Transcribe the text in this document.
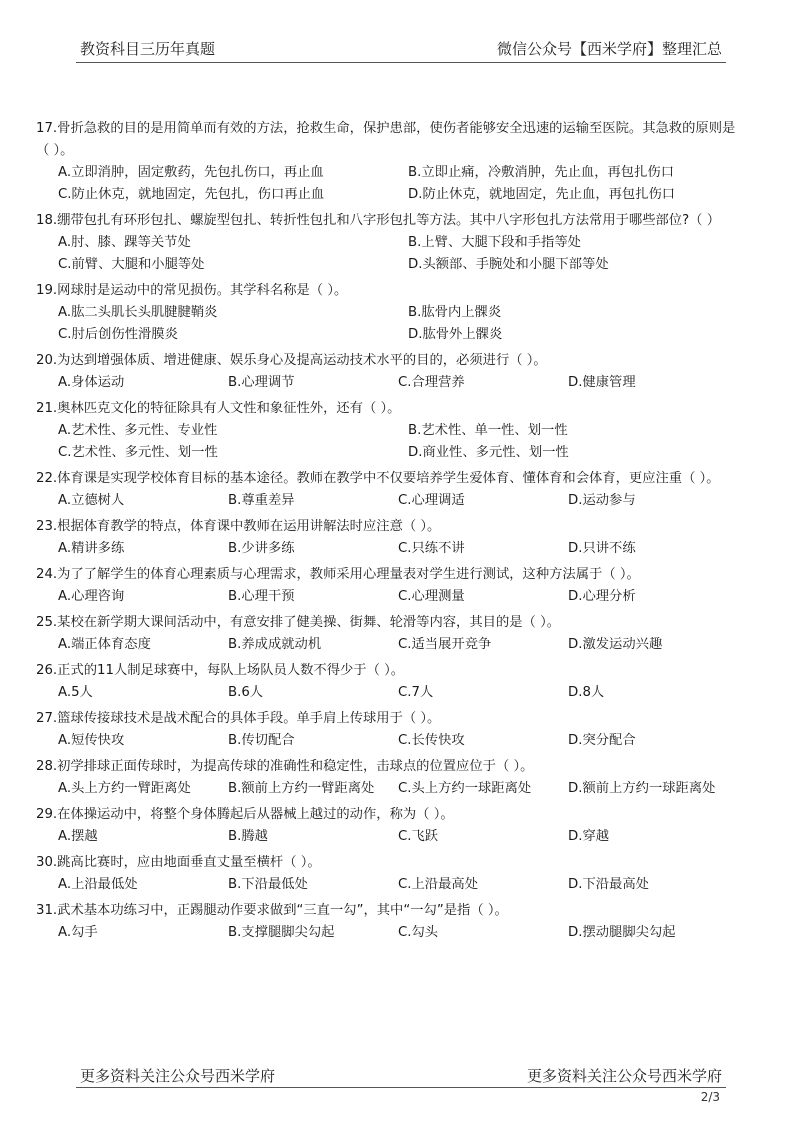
教资科目三历年真题	微信公众号【西米学府】整理汇总
17.骨折急救的目的是用简单而有效的方法，抢救生命，保护患部，使伤者能够安全迅速的运输至医院。其急救的原则是（ ）。
A.立即消肿，固定敷药，先包扎伤口，再止血	B.立即止痛，冷敷消肿，先止血，再包扎伤口
C.防止休克，就地固定，先包扎，伤口再止血	D.防止休克，就地固定，先止血，再包扎伤口
18.绷带包扎有环形包扎、螺旋型包扎、转折性包扎和八字形包扎等方法。其中八字形包扎方法常用于哪些部位?（ ）
A.肘、膝、踝等关节处	B.上臂、大腿下段和手指等处
C.前臂、大腿和小腿等处	D.头额部、手腕处和小腿下部等处
19.网球肘是运动中的常见损伤。其学科名称是（ ）。
A.肱二头肌长头肌腱腱鞘炎	B.肱骨内上髁炎
C.肘后创伤性滑膜炎	D.肱骨外上髁炎
20.为达到增强体质、增进健康、娱乐身心及提高运动技术水平的目的，必须进行（ ）。
A.身体运动	B.心理调节	C.合理营养	D.健康管理
21.奥林匹克文化的特征除具有人文性和象征性外，还有（ ）。
A.艺术性、多元性、专业性	B.艺术性、单一性、划一性
C.艺术性、多元性、划一性	D.商业性、多元性、划一性
22.体育课是实现学校体育目标的基本途径。教师在教学中不仅要培养学生爱体育、懂体育和会体育，更应注重（ ）。
A.立德树人	B.尊重差异	C.心理调适	D.运动参与
23.根据体育教学的特点，体育课中教师在运用讲解法时应注意（ ）。
A.精讲多练	B.少讲多练	C.只练不讲	D.只讲不练
24.为了了解学生的体育心理素质与心理需求，教师采用心理量表对学生进行测试，这种方法属于（ ）。
A.心理咨询	B.心理干预	C.心理测量	D.心理分析
25.某校在新学期大课间活动中，有意安排了健美操、街舞、轮滑等内容，其目的是（ ）。
A.端正体育态度	B.养成成就动机	C.适当展开竞争	D.激发运动兴趣
26.正式的11人制足球赛中，每队上场队员人数不得少于（ ）。
A.5人	B.6人	C.7人	D.8人
27.篮球传接球技术是战术配合的具体手段。单手肩上传球用于（ ）。
A.短传快攻	B.传切配合	C.长传快攻	D.突分配合
28.初学排球正面传球时，为提高传球的准确性和稳定性，击球点的位置应位于（ ）。
A.头上方约一臂距离处	B.额前上方约一臂距离处	C.头上方约一球距离处	D.额前上方约一球距离处
29.在体操运动中，将整个身体腾起后从器械上越过的动作，称为（ ）。
A.摆越	B.腾越	C.飞跃	D.穿越
30.跳高比赛时，应由地面垂直丈量至横杆（ ）。
A.上沿最低处	B.下沿最低处	C.上沿最高处	D.下沿最高处
31.武术基本功练习中，正踢腿动作要求做到“三直一勾”，其中“一勾”是指（ ）。
A.勾手	B.支撑腿脚尖勾起	C.勾头	D.摆动腿脚尖勾起
更多资料关注公众号西米学府	更多资料关注公众号西米学府
2/3
